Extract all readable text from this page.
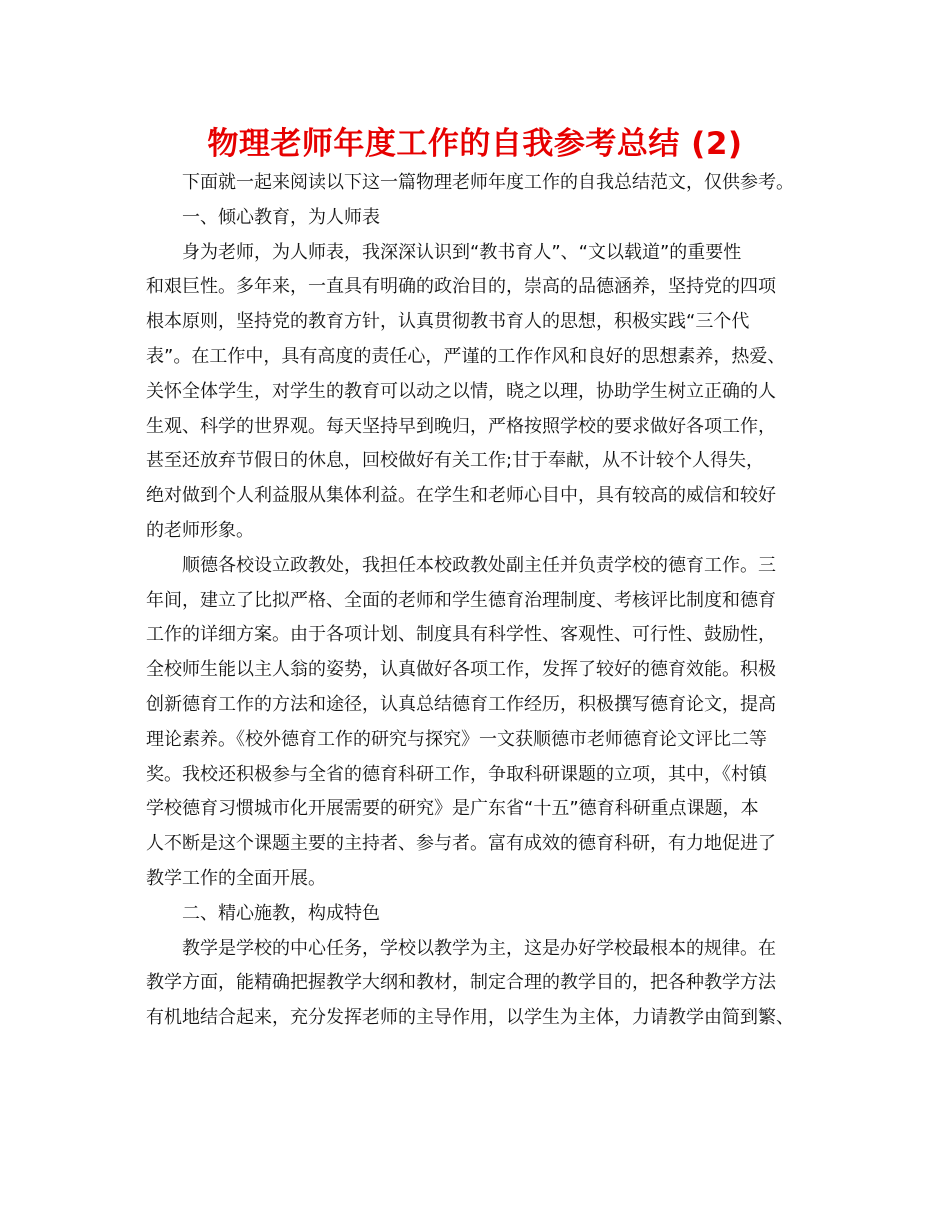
物理老师年度工作的自我参考总结 (2)
下面就一起来阅读以下这一篇物理老师年度工作的自我总结范文，仅供参考。
一、倾心教育，为人师表
身为老师，为人师表，我深深认识到“教书育人”、“文以载道”的重要性
和艰巨性。多年来，一直具有明确的政治目的，崇高的品德涵养，坚持党的四项
根本原则，坚持党的教育方针，认真贯彻教书育人的思想，积极实践“三个代
表”。在工作中，具有高度的责任心，严谨的工作作风和良好的思想素养，热爱、
关怀全体学生，对学生的教育可以动之以情，晓之以理，协助学生树立正确的人
生观、科学的世界观。每天坚持早到晚归，严格按照学校的要求做好各项工作，
甚至还放弃节假日的休息，回校做好有关工作;甘于奉献，从不计较个人得失，
绝对做到个人利益服从集体利益。在学生和老师心目中，具有较高的威信和较好
的老师形象。
顺德各校设立政教处，我担任本校政教处副主任并负责学校的德育工作。三
年间，建立了比拟严格、全面的老师和学生德育治理制度、考核评比制度和德育
工作的详细方案。由于各项计划、制度具有科学性、客观性、可行性、鼓励性，
全校师生能以主人翁的姿势，认真做好各项工作，发挥了较好的德育效能。积极
创新德育工作的方法和途径，认真总结德育工作经历，积极撰写德育论文，提高
理论素养。《校外德育工作的研究与探究》一文获顺德市老师德育论文评比二等
奖。我校还积极参与全省的德育科研工作，争取科研课题的立项，其中，《村镇
学校德育习惯城市化开展需要的研究》是广东省“十五”德育科研重点课题，本
人不断是这个课题主要的主持者、参与者。富有成效的德育科研，有力地促进了
教学工作的全面开展。
二、精心施教，构成特色
教学是学校的中心任务，学校以教学为主，这是办好学校最根本的规律。在
教学方面，能精确把握教学大纲和教材，制定合理的教学目的，把各种教学方法
有机地结合起来，充分发挥老师的主导作用，以学生为主体，力请教学由简到繁、
